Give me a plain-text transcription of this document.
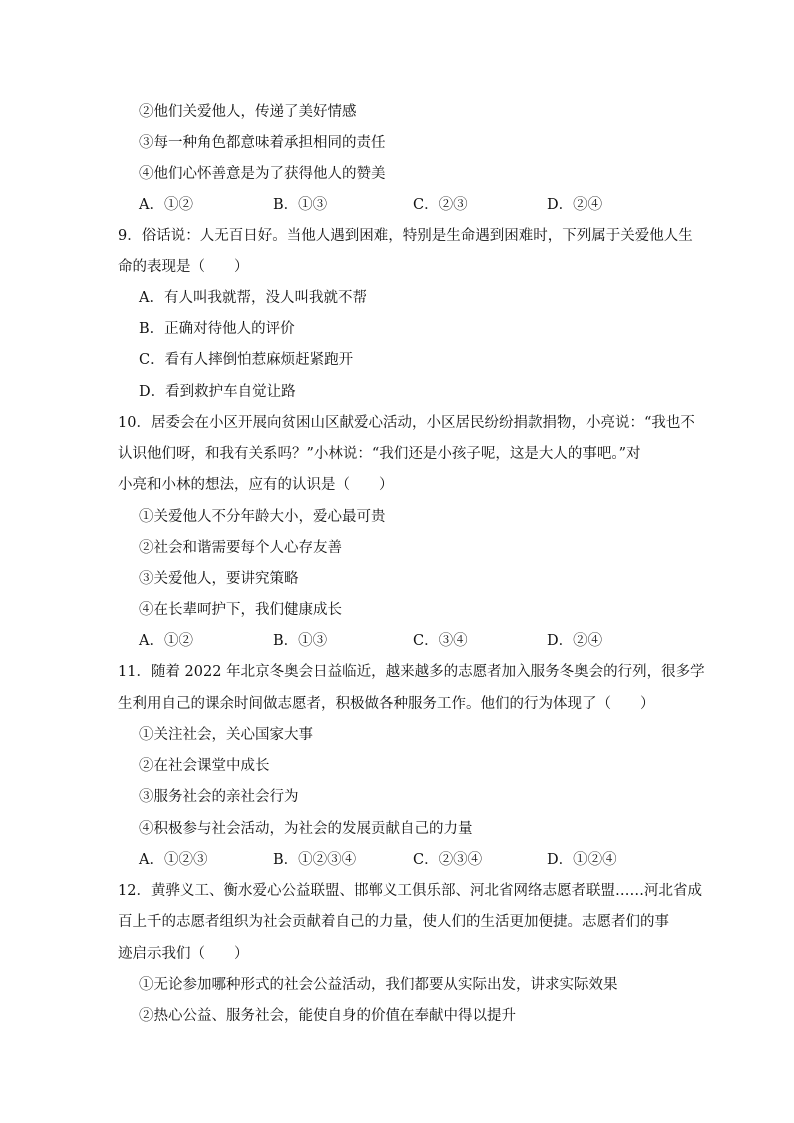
②他们关爱他人，传递了美好情感
③每一种角色都意味着承担相同的责任
④他们心怀善意是为了获得他人的赞美
A．①②	B．①③	C．②③	D．②④
9．俗话说：人无百日好。当他人遇到困难，特别是生命遇到困难时，下列属于关爱他人生
命的表现是（　　）
A．有人叫我就帮，没人叫我就不帮
B．正确对待他人的评价
C．看有人摔倒怕惹麻烦赶紧跑开
D．看到救护车自觉让路
10．居委会在小区开展向贫困山区献爱心活动，小区居民纷纷捐款捐物，小亮说：“我也不
认识他们呀，和我有关系吗？”小林说：“我们还是小孩子呢，这是大人的事吧。”对
小亮和小林的想法，应有的认识是（　　）
①关爱他人不分年龄大小，爱心最可贵
②社会和谐需要每个人心存友善
③关爱他人，要讲究策略
④在长辈呵护下，我们健康成长
A．①②	B．①③	C．③④	D．②④
11．随着 2022 年北京冬奥会日益临近，越来越多的志愿者加入服务冬奥会的行列，很多学
生利用自己的课余时间做志愿者，积极做各种服务工作。他们的行为体现了（　　）
①关注社会，关心国家大事
②在社会课堂中成长
③服务社会的亲社会行为
④积极参与社会活动，为社会的发展贡献自己的力量
A．①②③	B．①②③④	C．②③④	D．①②④
12．黄骅义工、衡水爱心公益联盟、邯郸义工俱乐部、河北省网络志愿者联盟……河北省成
百上千的志愿者组织为社会贡献着自己的力量，使人们的生活更加便捷。志愿者们的事
迹启示我们（　　）
①无论参加哪种形式的社会公益活动，我们都要从实际出发，讲求实际效果
②热心公益、服务社会，能使自身的价值在奉献中得以提升
